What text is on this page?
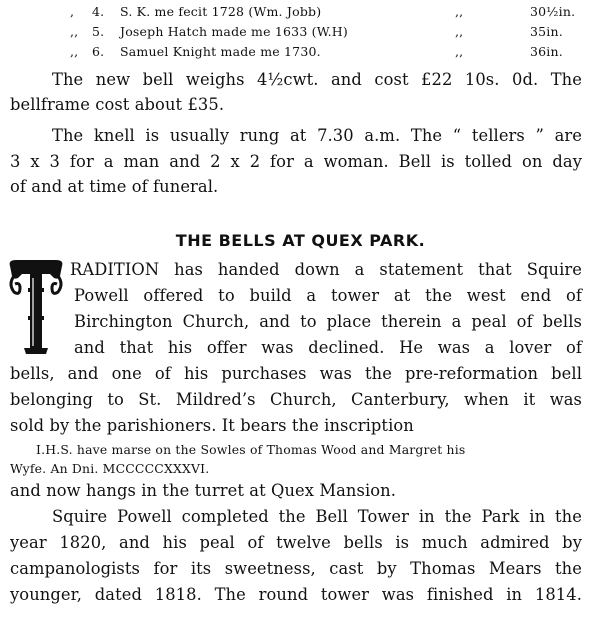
, 4. S. K. me fecit 1728 (Wm. Jobb)	,,	30½in.
,, 5. Joseph Hatch made me 1633 (W.H)	,,	35in.
,, 6. Samuel Knight made me 1730.	,,	36in.
The new bell weighs 4½cwt. and cost £22 10s. 0d. The
bellframe cost about £35.
The knell is usually rung at 7.30 a.m. The “ tellers ” are
3 x 3 for a man and 2 x 2 for a woman. Bell is tolled on day
of and at time of funeral.
THE BELLS AT QUEX PARK.
RADITION has handed down a statement that Squire
Powell offered to build a tower at the west end of
Birchington Church, and to place therein a peal of bells
and that his offer was declined. He was a lover of
bells, and one of his purchases was the pre-reformation bell
belonging to St. Mildred’s Church, Canterbury, when it was
sold by the parishioners. It bears the inscription
I.H.S. have marse on the Sowles of Thomas Wood and Margret his
Wyfe. An Dni. MCCCCCXXXVI.
and now hangs in the turret at Quex Mansion.
Squire Powell completed the Bell Tower in the Park in the
year 1820, and his peal of twelve bells is much admired by
campanologists for its sweetness, cast by Thomas Mears the
younger, dated 1818. The round tower was finished in 1814.
